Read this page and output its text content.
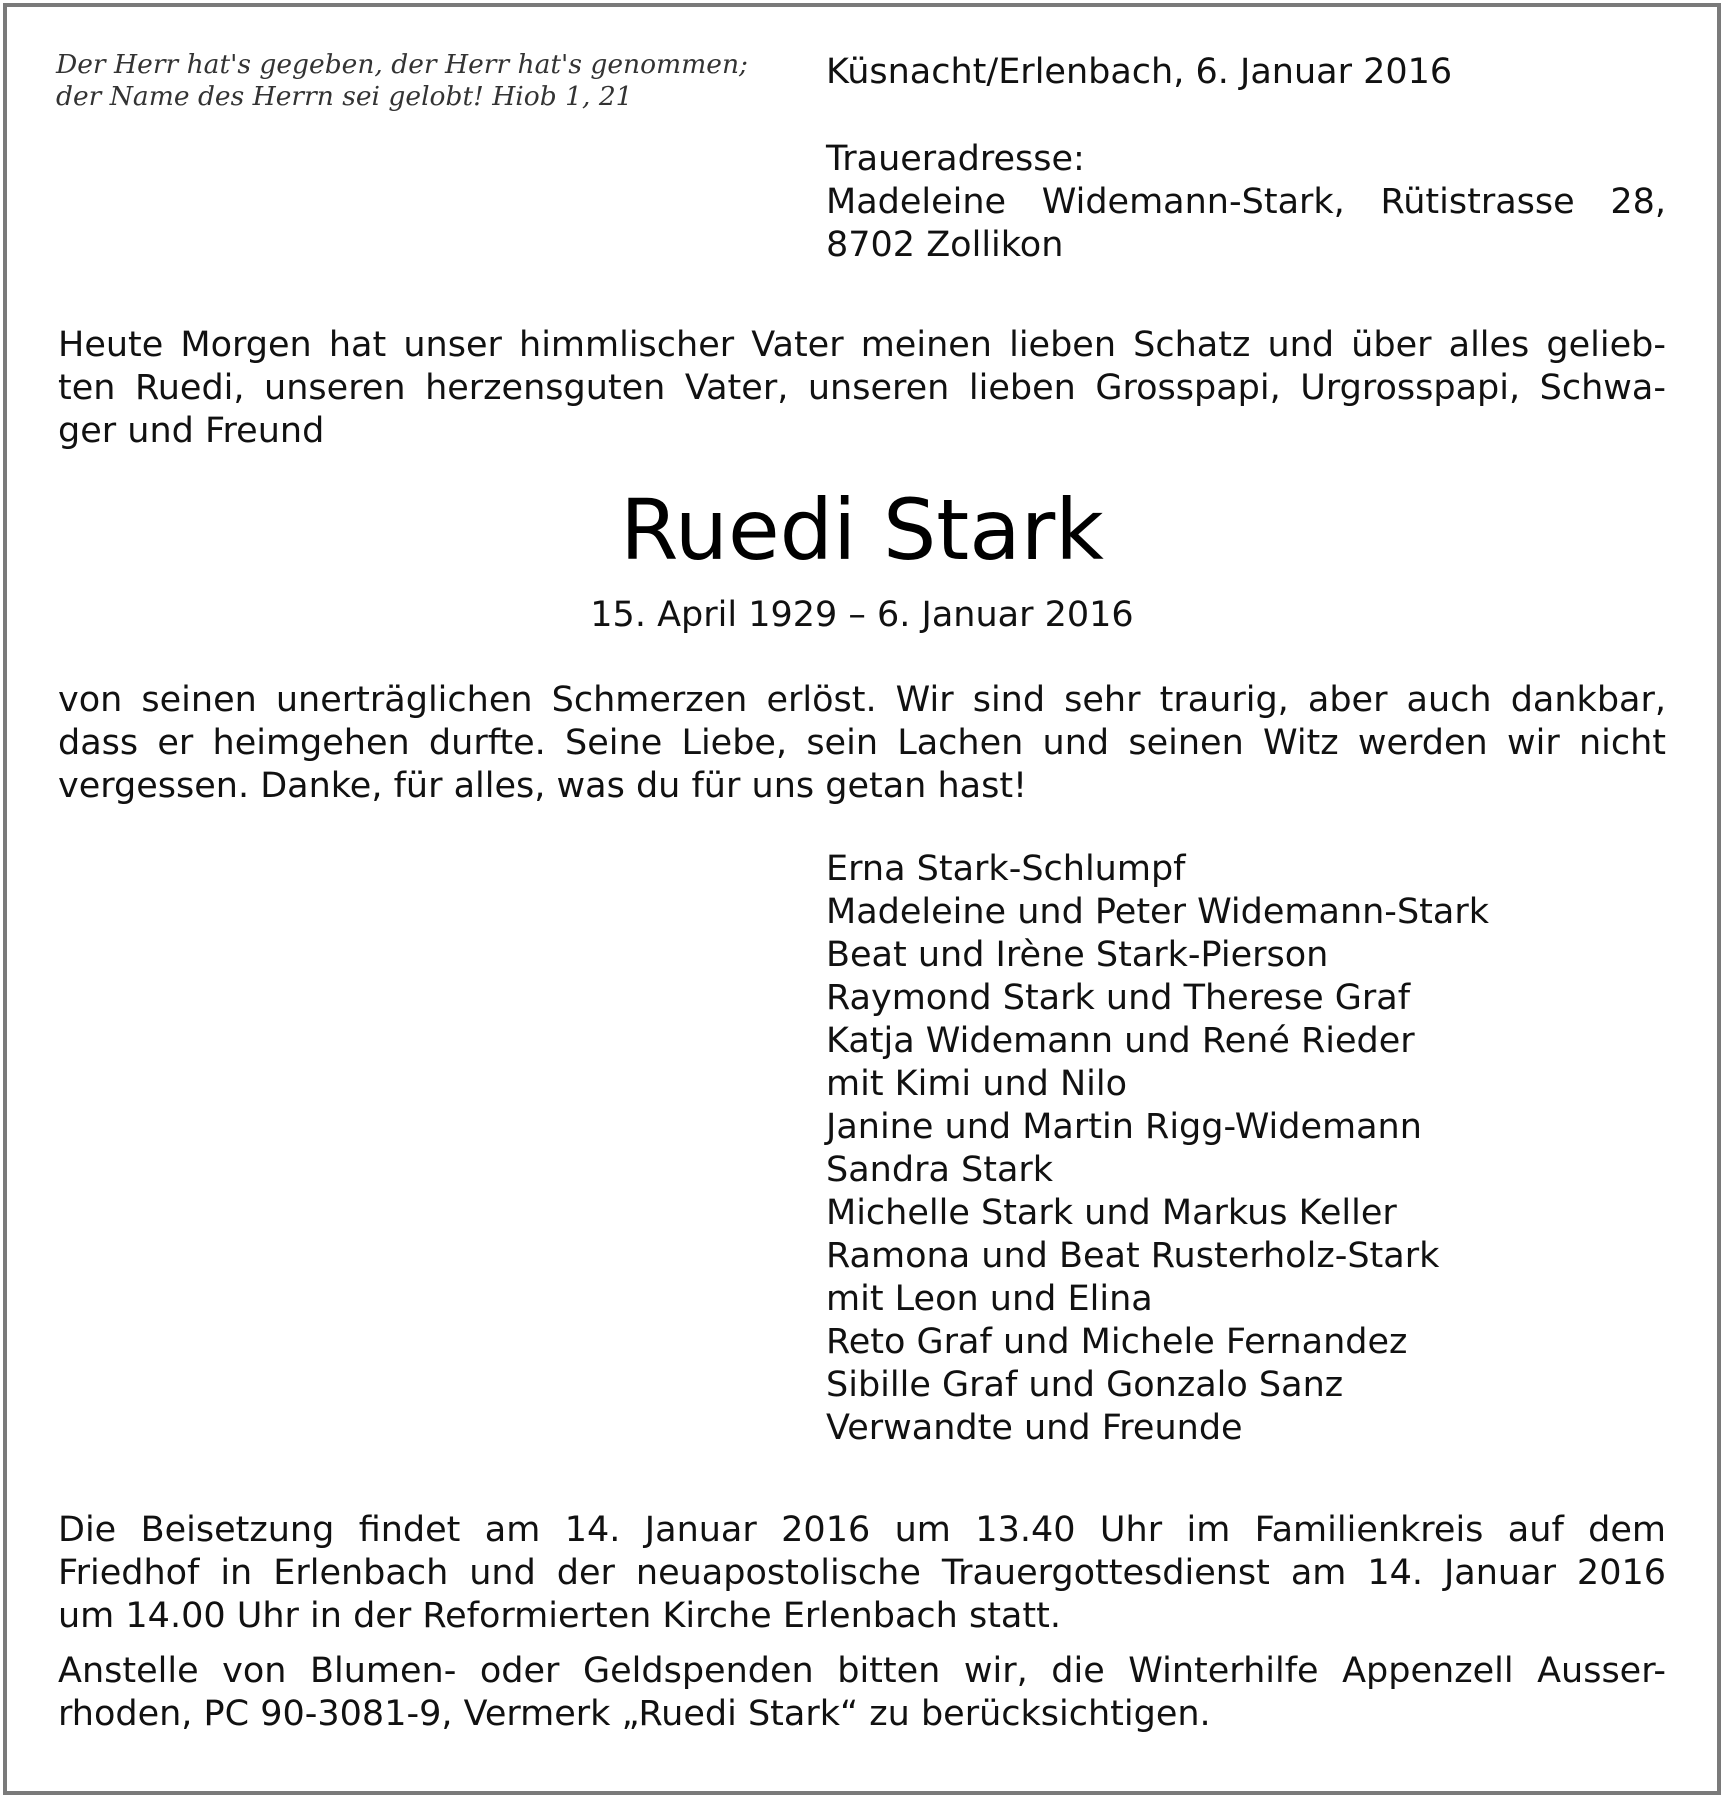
Der Herr hat's gegeben, der Herr hat's genommen;
der Name des Herrn sei gelobt! Hiob 1, 21
Küsnacht/Erlenbach, 6. Januar 2016
Traueradresse:
Madeleine Widemann-Stark, Rütistrasse 28,
8702 Zollikon
Heute Morgen hat unser himmlischer Vater meinen lieben Schatz und über alles gelieb-
ten Ruedi, unseren herzensguten Vater, unseren lieben Grosspapi, Urgrosspapi, Schwa-
ger und Freund
Ruedi Stark
15. April 1929 – 6. Januar 2016
von seinen unerträglichen Schmerzen erlöst. Wir sind sehr traurig, aber auch dankbar,
dass er heimgehen durfte. Seine Liebe, sein Lachen und seinen Witz werden wir nicht
vergessen. Danke, für alles, was du für uns getan hast!
Erna Stark-Schlumpf
Madeleine und Peter Widemann-Stark
Beat und Irène Stark-Pierson
Raymond Stark und Therese Graf
Katja Widemann und René Rieder
mit Kimi und Nilo
Janine und Martin Rigg-Widemann
Sandra Stark
Michelle Stark und Markus Keller
Ramona und Beat Rusterholz-Stark
mit Leon und Elina
Reto Graf und Michele Fernandez
Sibille Graf und Gonzalo Sanz
Verwandte und Freunde
Die Beisetzung findet am 14. Januar 2016 um 13.40 Uhr im Familienkreis auf dem
Friedhof in Erlenbach und der neuapostolische Trauergottesdienst am 14. Januar 2016
um 14.00 Uhr in der Reformierten Kirche Erlenbach statt.
Anstelle von Blumen- oder Geldspenden bitten wir, die Winterhilfe Appenzell Ausser-
rhoden, PC 90-3081-9, Vermerk „Ruedi Stark“ zu berücksichtigen.
